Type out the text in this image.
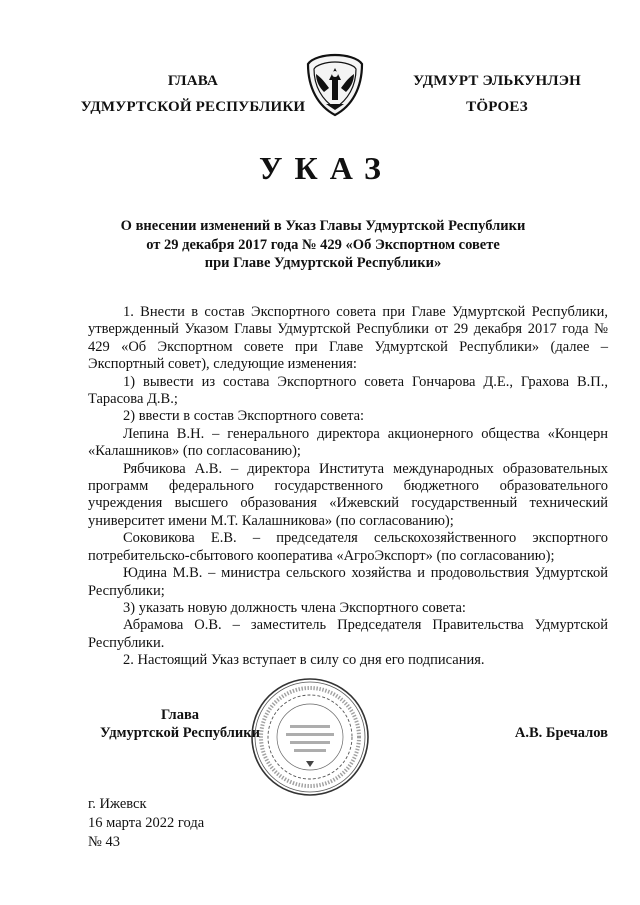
ГЛАВА
УДМУРТСКОЙ РЕСПУБЛИКИ
УДМУРТ ЭЛЬКУНЛЭН
ТӦРОЕЗ
УКАЗ
О внесении изменений в Указ Главы Удмуртской Республики
от 29 декабря 2017 года № 429 «Об Экспортном совете
при Главе Удмуртской Республики»

1. Внести в состав Экспортного совета при Главе Удмуртской Республики, утвержденный Указом Главы Удмуртской Республики от 29 декабря 2017 года № 429 «Об Экспортном совете при Главе Удмуртской Республики» (далее – Экспортный совет), следующие изменения:

1) вывести из состава Экспортного совета Гончарова Д.Е., Грахова В.П., Тарасова Д.В.;

2) ввести в состав Экспортного совета:

Лепина В.Н. – генерального директора акционерного общества «Концерн «Калашников» (по согласованию);

Рябчикова А.В. – директора Института международных образовательных программ федерального государственного бюджетного образовательного учреждения высшего образования «Ижевский государственный технический университет имени М.Т. Калашникова» (по согласованию);

Соковикова Е.В. – председателя сельскохозяйственного экспортного потребительско-сбытового кооператива «АгроЭкспорт» (по согласованию);

Юдина М.В. – министра сельского хозяйства и продовольствия Удмуртской Республики;

3) указать новую должность члена Экспортного совета:

Абрамова О.В. – заместитель Председателя Правительства Удмуртской Республики.

2. Настоящий Указ вступает в силу со дня его подписания.

Глава
Удмуртской Республики	А.В. Бречалов
г. Ижевск
16 марта 2022 года
№ 43
